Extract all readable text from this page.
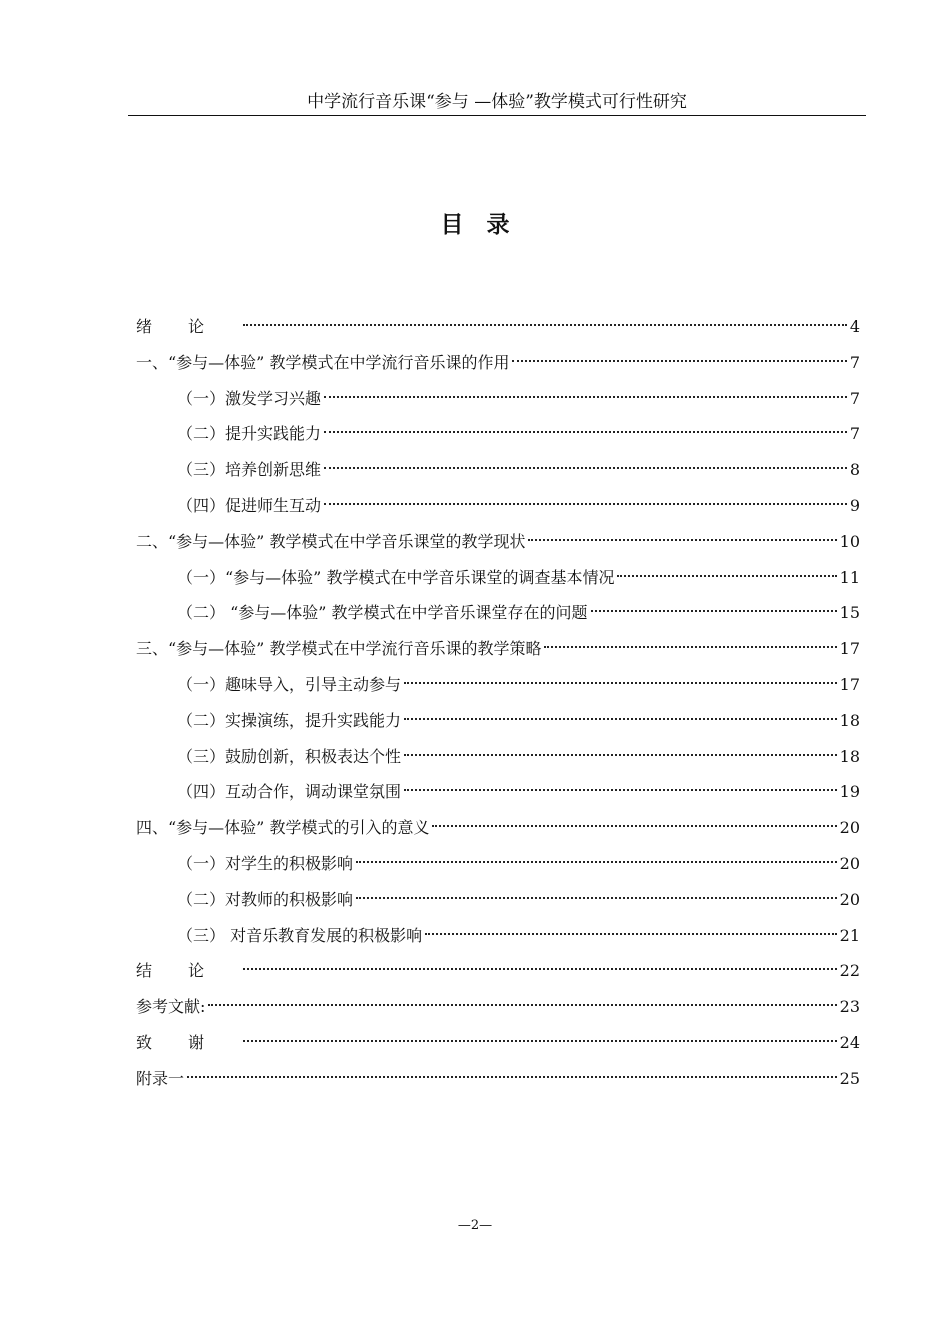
中学流行音乐课“参与 —体验”教学模式可行性研究
目　录
绪论	4
一、“参与—体验” 教学模式在中学流行音乐课的作用	7
（一）激发学习兴趣	7
（二）提升实践能力	7
（三）培养创新思维	8
（四）促进师生互动	9
二、“参与—体验” 教学模式在中学音乐课堂的教学现状	10
（一）“参与—体验” 教学模式在中学音乐课堂的调查基本情况	11
（二） “参与—体验” 教学模式在中学音乐课堂存在的问题	15
三、“参与—体验” 教学模式在中学流行音乐课的教学策略	17
（一）趣味导入，引导主动参与	17
（二）实操演练，提升实践能力	18
（三）鼓励创新，积极表达个性	18
（四）互动合作，调动课堂氛围	19
四、“参与—体验” 教学模式的引入的意义	20
（一）对学生的积极影响	20
（二）对教师的积极影响	20
（三） 对音乐教育发展的积极影响	21
结论	22
参考文献:	23
致谢	24
附录一	25
—2—
